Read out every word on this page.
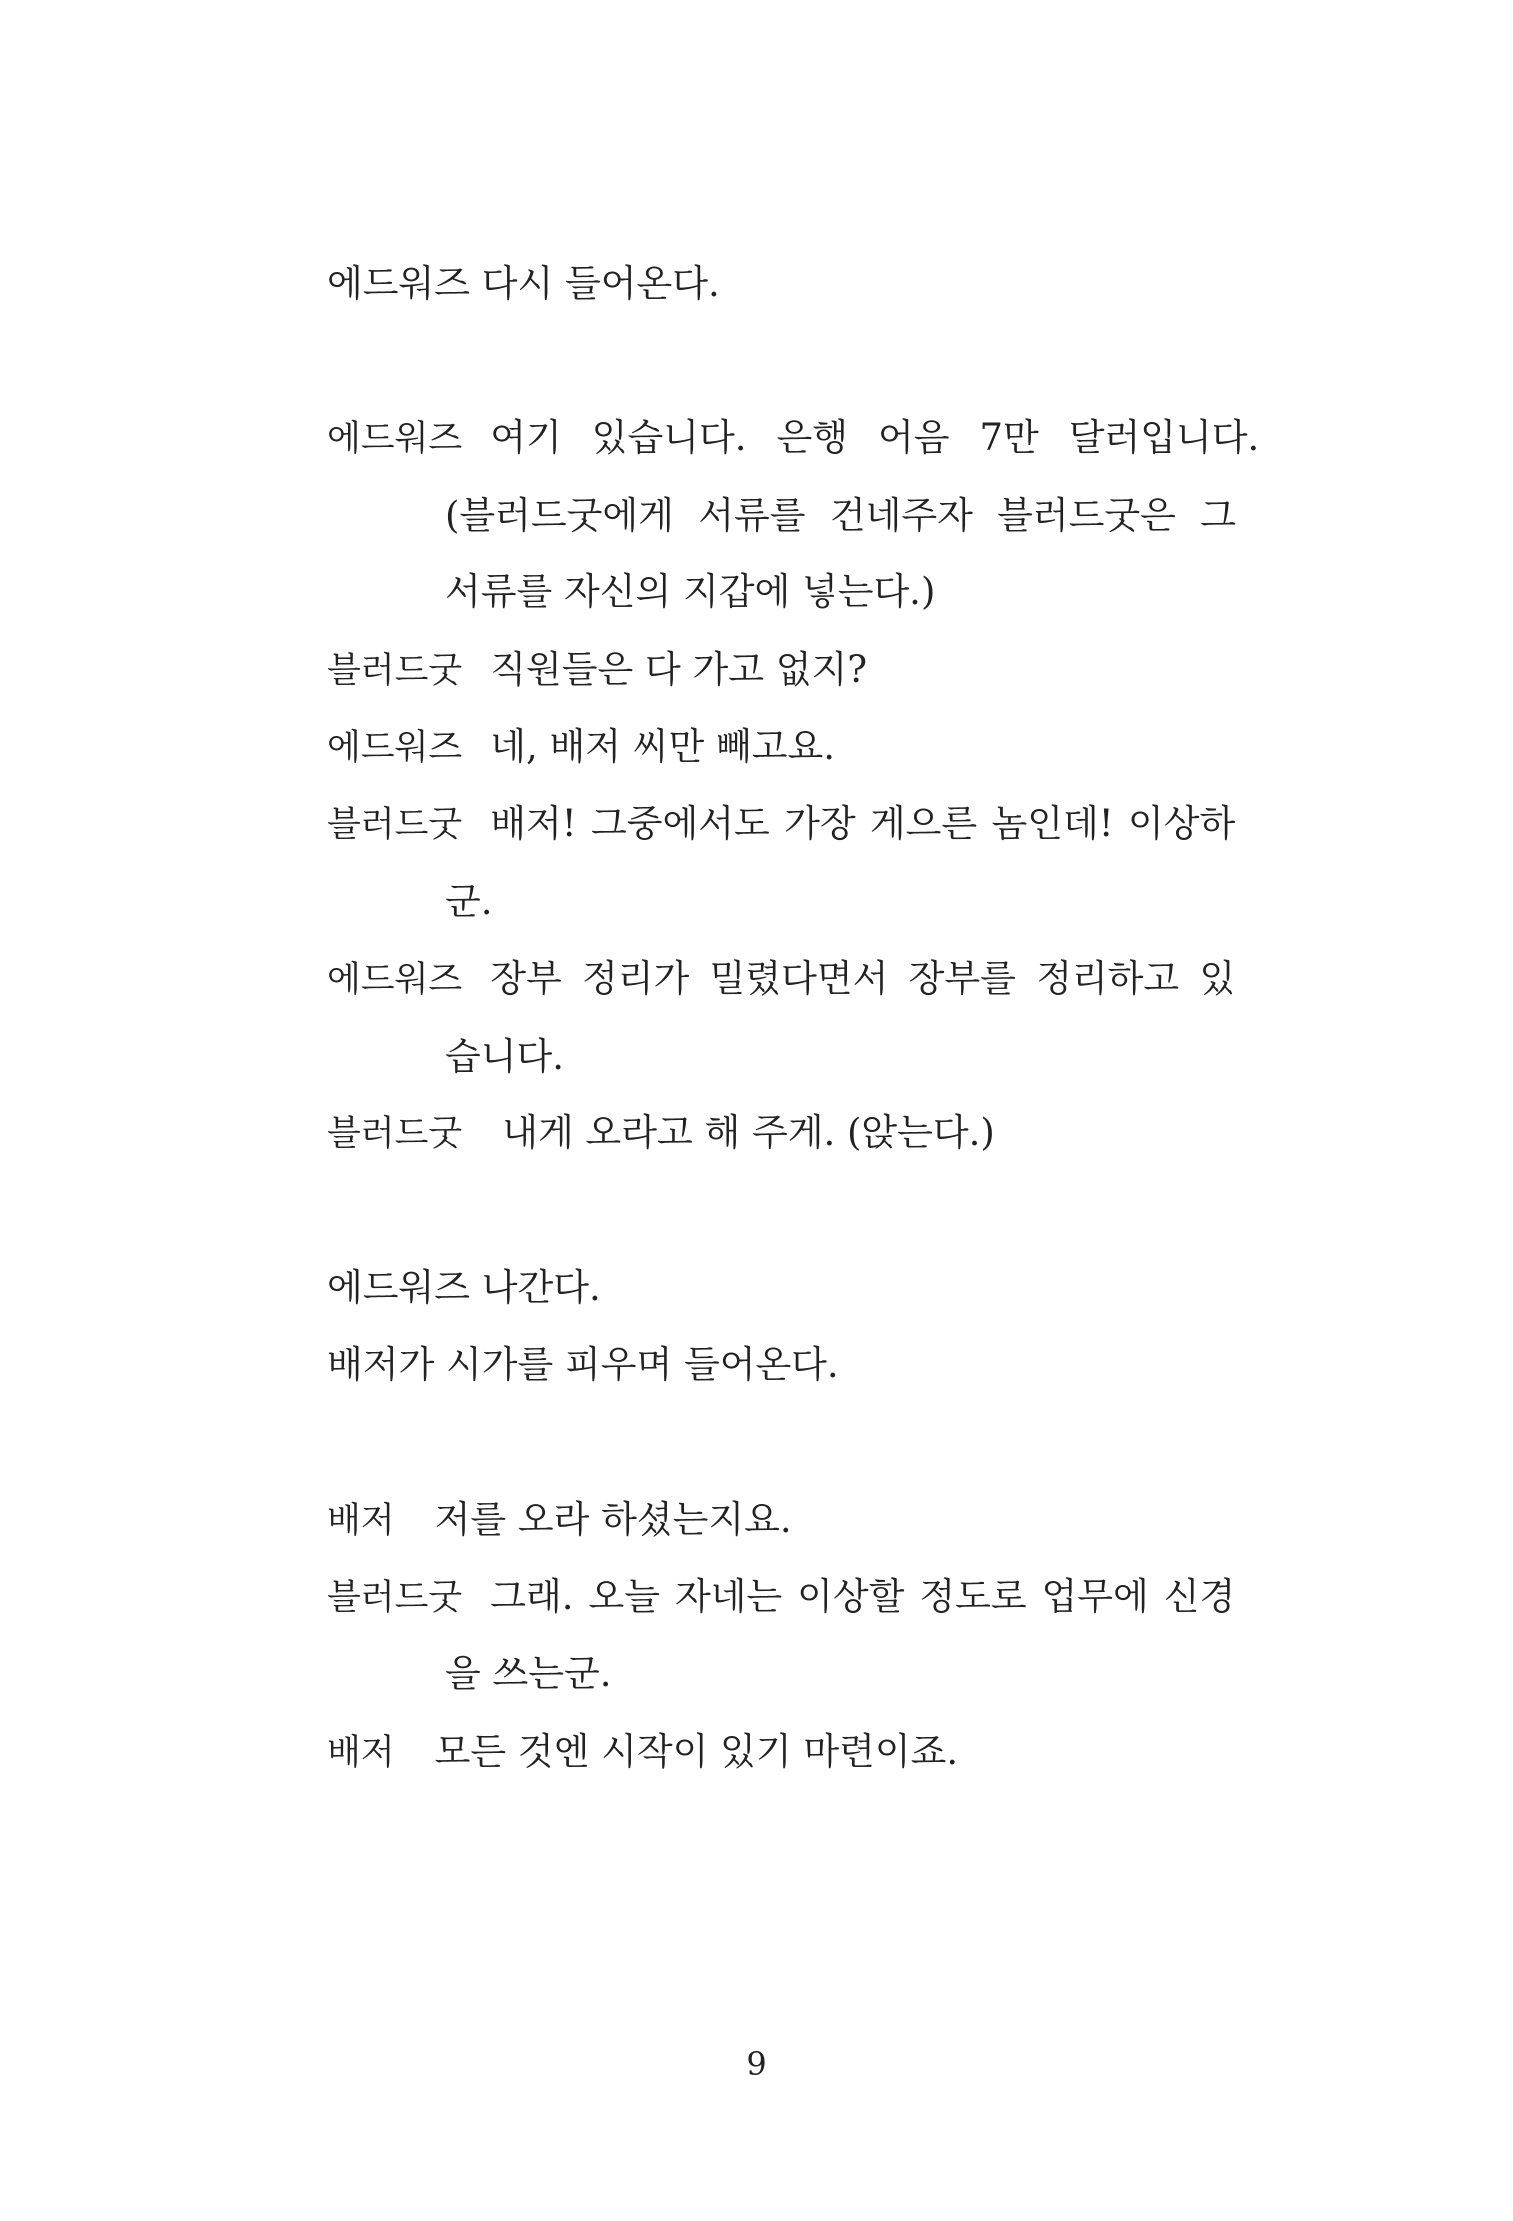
에드워즈 다시 들어온다.
에드워즈 여기 있습니다. 은행 어음 7만 달러입니다.
(블러드굿에게 서류를 건네주자 블러드굿은 그
서류를 자신의 지갑에 넣는다.)
블러드굿 직원들은 다 가고 없지?
에드워즈 네, 배저 씨만 빼고요.
블러드굿 배저! 그중에서도 가장 게으른 놈인데! 이상하
군.
에드워즈 장부 정리가 밀렸다면서 장부를 정리하고 있
습니다.
블러드굿 내게 오라고 해 주게. (앉는다.)
에드워즈 나간다.
배저가 시가를 피우며 들어온다.
배저 저를 오라 하셨는지요.
블러드굿 그래. 오늘 자네는 이상할 정도로 업무에 신경
을 쓰는군.
배저 모든 것엔 시작이 있기 마련이죠.
9
